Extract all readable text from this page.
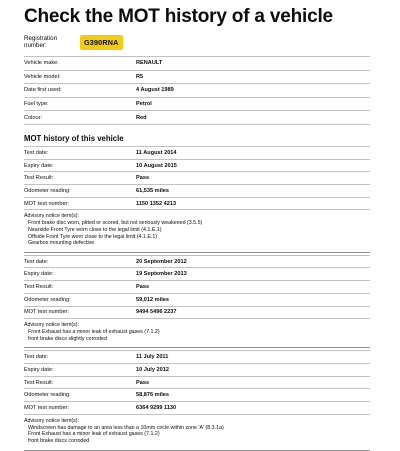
Check the MOT history of a vehicle
Registration number:	G390RNA
Vehicle make:	RENAULT
Vehicle model:	R5
Date first used:	4 August 1989
Fuel type:	Petrol
Colour:	Red
MOT history of this vehicle
Test date:	11 August 2014
Expiry date:	10 August 2015
Test Result:	Pass
Odometer reading:	61,535 miles
MOT test number:	1150 1352 4213
Advisory notice item(s):
Front brake disc worn, pitted or scored, but not seriously weakened (3.5.5)
Nearside Front Tyre worn close to the legal limit (4.1.E.1)
Offside Front Tyre worn close to the legal limit (4.1.E.1)
Gearbox mounting defective
Test date:	20 September 2012
Expiry date:	19 September 2013
Test Result:	Pass
Odometer reading:	59,012 miles
MOT test number:	9494 5496 2237
Advisory notice item(s):
Front Exhaust has a minor leak of exhaust gases (7.1.2)
front brake discs slightly corroded
Test date:	11 July 2011
Expiry date:	10 July 2012
Test Result:	Pass
Odometer reading:	58,876 miles
MOT test number:	6364 9299 1130
Advisory notice item(s):
Windscreen has damage to an area less than a 10mm circle within zone 'A' (8.3.1a)
Front Exhaust has a minor leak of exhaust gases (7.1.2)
front brake discs corroded
